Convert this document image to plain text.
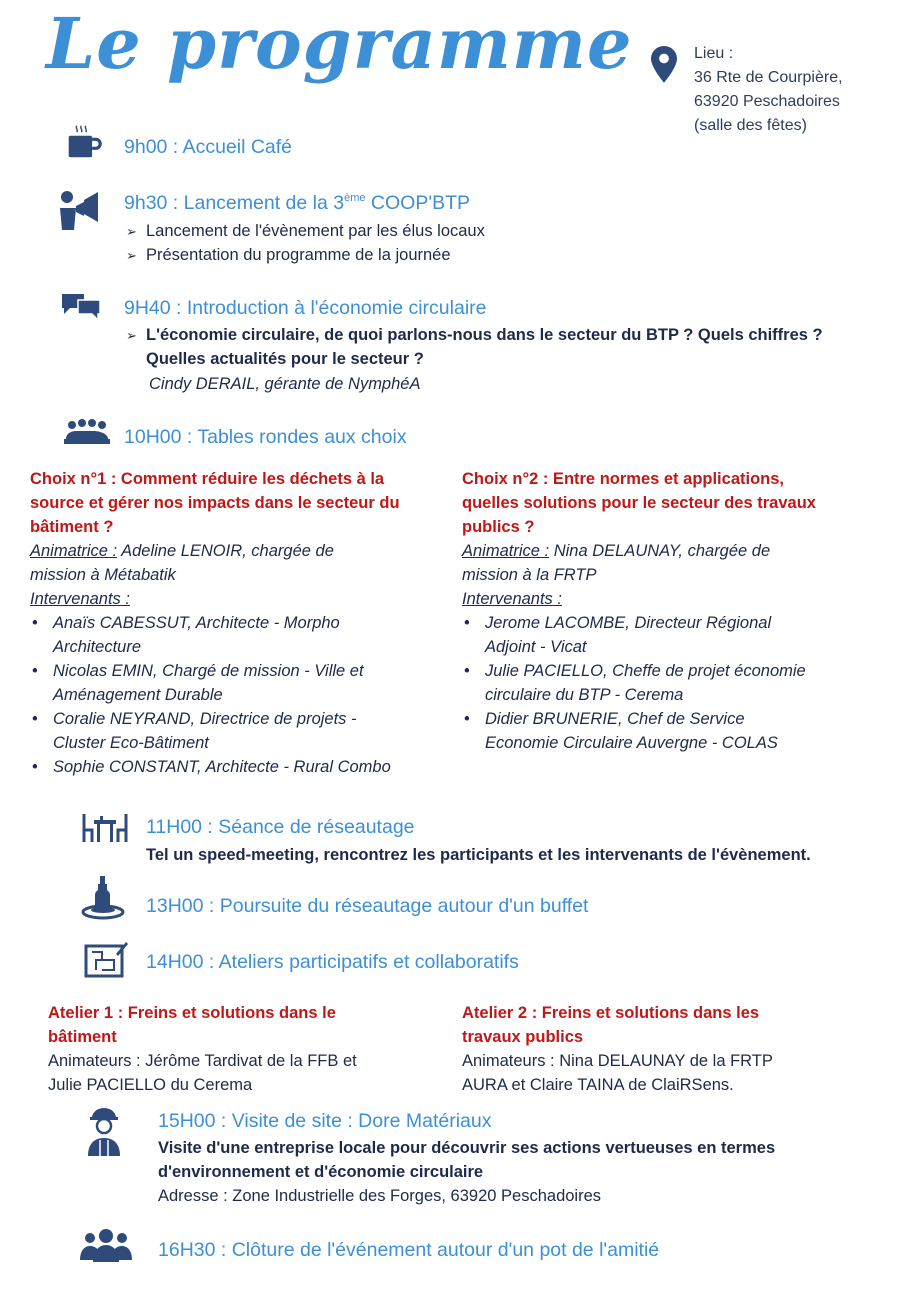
Le programme	Lieu :
36 Rte de Courpière,
63920 Peschadoires
(salle des fêtes)
9h00 : Accueil Café
9h30 : Lancement de la 3ème COOP'BTP
➢ Lancement de l'évènement par les élus locaux
➢ Présentation du programme de la journée
9H40 : Introduction à l'économie circulaire
➢ L'économie circulaire, de quoi parlons-nous dans le secteur du BTP ? Quels chiffres ?
Quelles actualités pour le secteur ?
Cindy DERAIL, gérante de NymphéA
10H00 : Tables rondes aux choix
Choix n°1 : Comment réduire les déchets à la
source et gérer nos impacts dans le secteur du
bâtiment ?
Animatrice : Adeline LENOIR, chargée de
mission à Métabatik
Intervenants :
• Anaïs CABESSUT, Architecte - Morpho
Architecture
• Nicolas EMIN, Chargé de mission - Ville et
Aménagement Durable
• Coralie NEYRAND, Directrice de projets -
Cluster Eco-Bâtiment
• Sophie CONSTANT, Architecte - Rural Combo
Choix n°2 : Entre normes et applications,
quelles solutions pour le secteur des travaux
publics ?
Animatrice : Nina DELAUNAY, chargée de
mission à la FRTP
Intervenants :
• Jerome LACOMBE, Directeur Régional
Adjoint - Vicat
• Julie PACIELLO, Cheffe de projet économie
circulaire du BTP - Cerema
• Didier BRUNERIE, Chef de Service
Economie Circulaire Auvergne - COLAS
11H00 : Séance de réseautage
Tel un speed-meeting, rencontrez les participants et les intervenants de l'évènement.
13H00 : Poursuite du réseautage autour d'un buffet
14H00 : Ateliers participatifs et collaboratifs
Atelier 1 : Freins et solutions dans le
bâtiment
Animateurs : Jérôme Tardivat de la FFB et
Julie PACIELLO du Cerema
Atelier 2 : Freins et solutions dans les
travaux publics
Animateurs : Nina DELAUNAY de la FRTP
AURA et Claire TAINA de ClaiRSens.
15H00 : Visite de site : Dore Matériaux
Visite d'une entreprise locale pour découvrir ses actions vertueuses en termes
d'environnement et d'économie circulaire
Adresse : Zone Industrielle des Forges, 63920 Peschadoires
16H30 : Clôture de l'événement autour d'un pot de l'amitié
